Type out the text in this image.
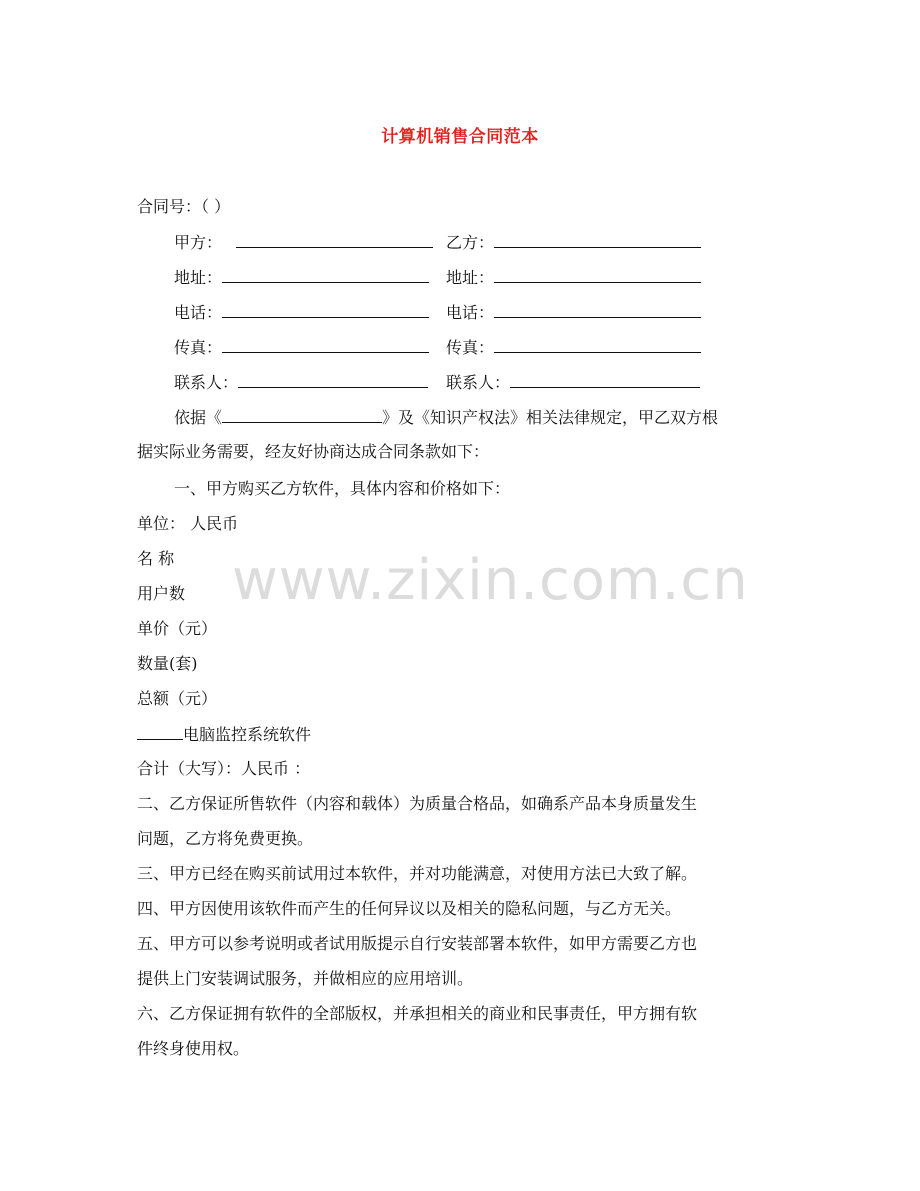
计算机销售合同范本
合同号：（ ）
甲方：	乙方：
地址：	地址：
电话：	电话：
传真：	传真：
联系人：	联系人：
依据《	》及《知识产权法》相关法律规定，甲乙双方根
据实际业务需要，经友好协商达成合同条款如下：
一、甲方购买乙方软件，具体内容和价格如下：
单位： 人民币
名 称
用户数
单价（元）
数量(套)
总额（元）
电脑监控系统软件
合计（大写）：人民币 ：
二、乙方保证所售软件（内容和载体）为质量合格品，如确系产品本身质量发生
问题，乙方将免费更换。
三、甲方已经在购买前试用过本软件，并对功能满意，对使用方法已大致了解。
四、甲方因使用该软件而产生的任何异议以及相关的隐私问题，与乙方无关。
五、甲方可以参考说明或者试用版提示自行安装部署本软件，如甲方需要乙方也
提供上门安装调试服务，并做相应的应用培训。
六、乙方保证拥有软件的全部版权，并承担相关的商业和民事责任，甲方拥有软
件终身使用权。
www.zixin.com.cn
